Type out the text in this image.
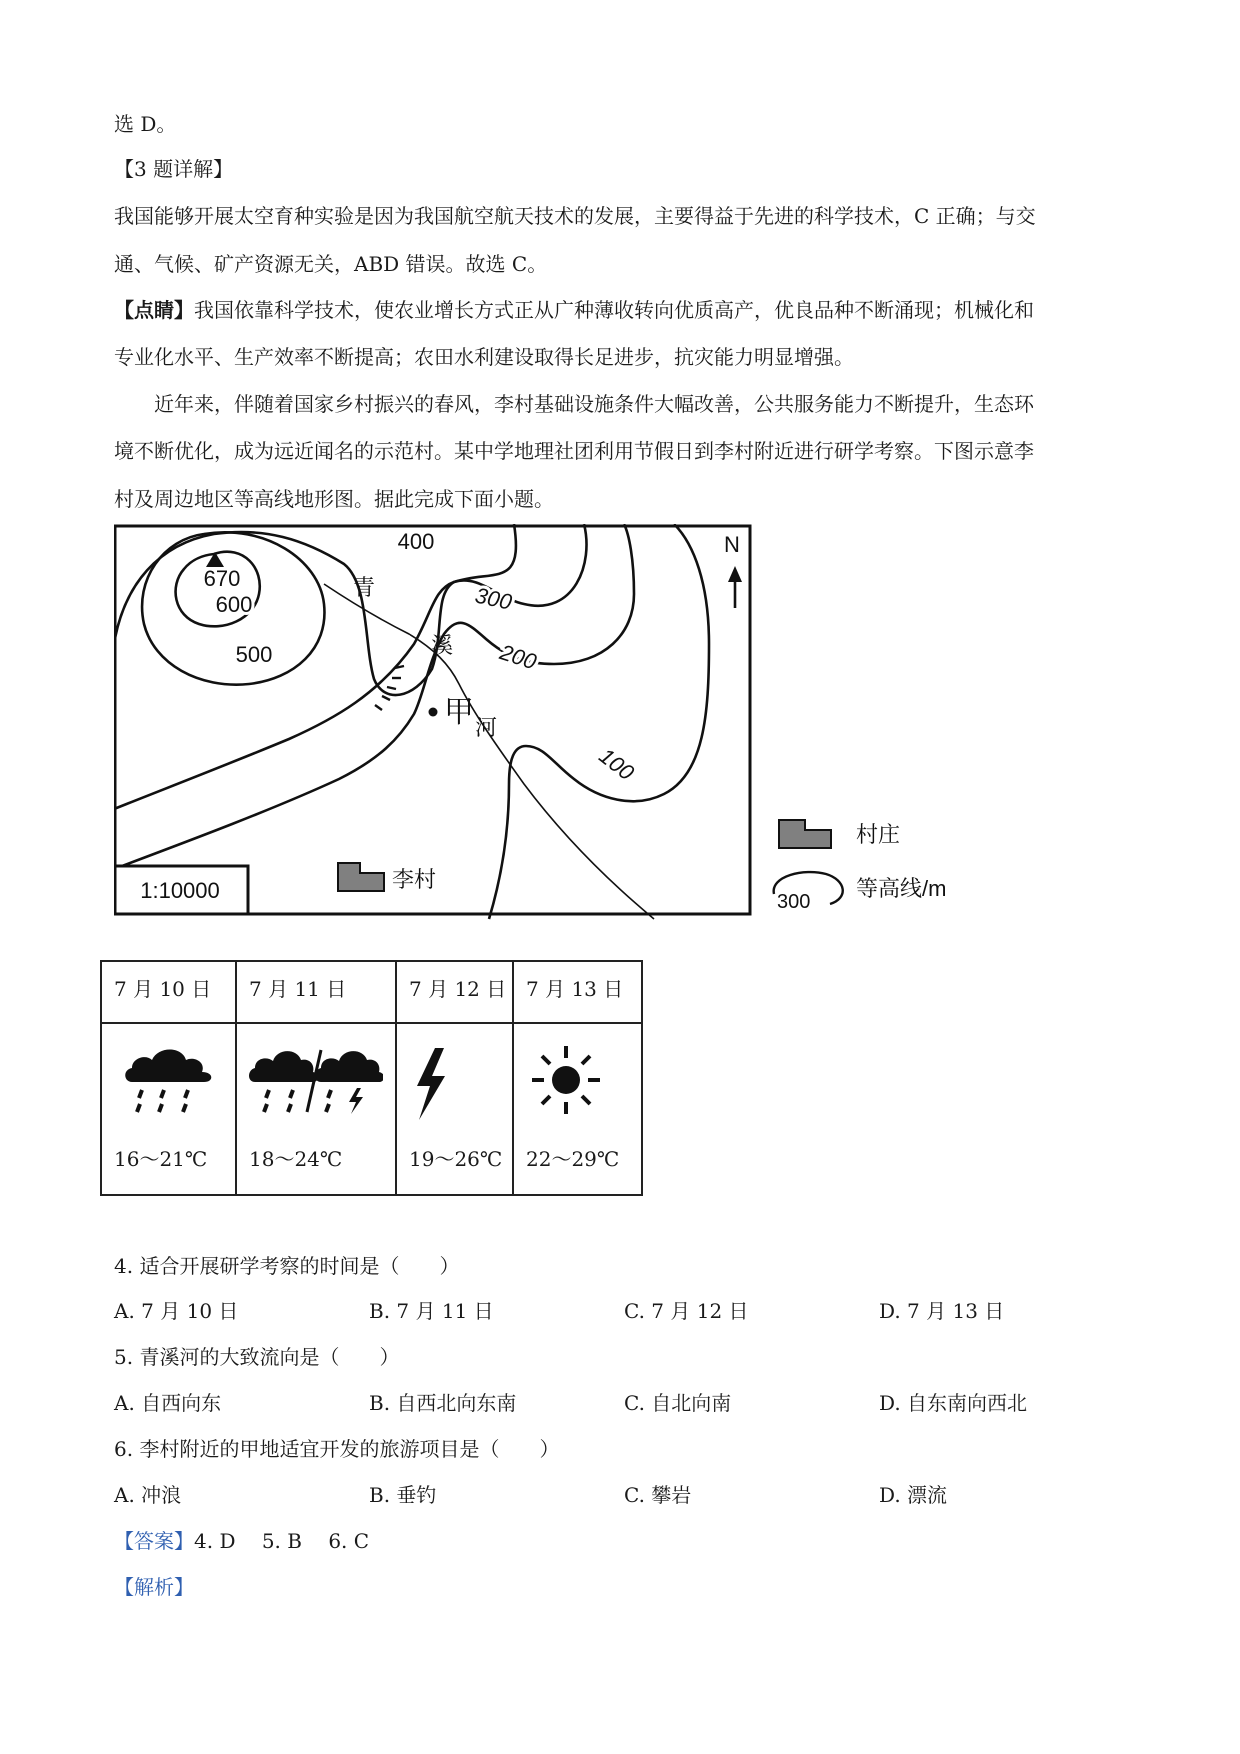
选 D。
【3 题详解】
我国能够开展太空育种实验是因为我国航空航天技术的发展，主要得益于先进的科学技术，C 正确；与交
通、气候、矿产资源无关，ABD 错误。故选 C。
【点睛】我国依靠科学技术，使农业增长方式正从广种薄收转向优质高产，优良品种不断涌现；机械化和
专业化水平、生产效率不断提高；农田水利建设取得长足进步，抗灾能力明显增强。
近年来，伴随着国家乡村振兴的春风，李村基础设施条件大幅改善，公共服务能力不断提升，生态环
境不断优化，成为远近闻名的示范村。某中学地理社团利用节假日到李村附近进行研学考察。下图示意李
村及周边地区等高线地形图。据此完成下面小题。
670
600
500
400
300
200
100
青
溪
河
N
甲
1:10000	李村
村庄
300
等高线/m
7 月 10 日	7 月 11 日	7 月 12 日	7 月 13 日

16～21℃	18～24℃	19～26℃	22～29℃
4. 适合开展研学考察的时间是（　　）
A. 7 月 10 日	B. 7 月 11 日	C. 7 月 12 日	D. 7 月 13 日
5. 青溪河的大致流向是（　　）
A. 自西向东	B. 自西北向东南	C. 自北向南	D. 自东南向西北
6. 李村附近的甲地适宜开发的旅游项目是（　　）
A. 冲浪	B. 垂钓	C. 攀岩	D. 漂流
【答案】4. D　 5. B　 6. C
【解析】
